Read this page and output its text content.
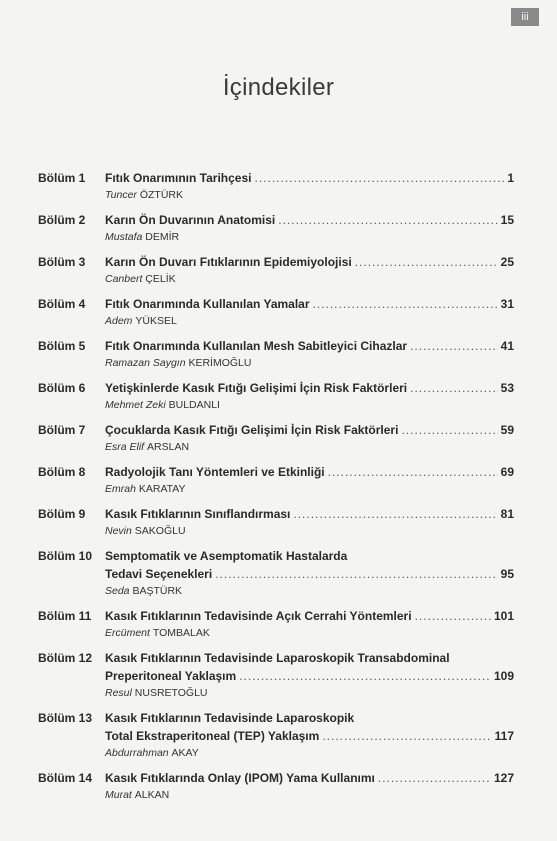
iii
İçindekiler
Bölüm 1	Fıtık Onarımının Tarihçesi .....	1
Tuncer ÖZTÜRK
Bölüm 2	Karın Ön Duvarının Anatomisi .....	15
Mustafa DEMİR
Bölüm 3	Karın Ön Duvarı Fıtıklarının Epidemiyolojisi .....	25
Canbert ÇELİK
Bölüm 4	Fıtık Onarımında Kullanılan Yamalar .....	31
Adem YÜKSEL
Bölüm 5	Fıtık Onarımında Kullanılan Mesh Sabitleyici Cihazlar .....	41
Ramazan Saygın KERİMOĞLU
Bölüm 6	Yetişkinlerde Kasık Fıtığı Gelişimi İçin Risk Faktörleri .....	53
Mehmet Zeki BULDANLI
Bölüm 7	Çocuklarda Kasık Fıtığı Gelişimi İçin Risk Faktörleri .....	59
Esra Elif ARSLAN
Bölüm 8	Radyolojik Tanı Yöntemleri ve Etkinliği .....	69
Emrah KARATAY
Bölüm 9	Kasık Fıtıklarının Sınıflandırması .....	81
Nevin SAKOĞLU
Bölüm 10	Semptomatik ve Asemptomatik Hastalarda
Tedavi Seçenekleri .....	95
Seda BAŞTÜRK
Bölüm 11	Kasık Fıtıklarının Tedavisinde Açık Cerrahi Yöntemleri .....	101
Ercüment TOMBALAK
Bölüm 12	Kasık Fıtıklarının Tedavisinde Laparoskopik Transabdominal
Preperitoneal Yaklaşım .....	109
Resul NUSRETOĞLU
Bölüm 13	Kasık Fıtıklarının Tedavisinde Laparoskopik
Total Ekstraperitoneal (TEP) Yaklaşım .....	117
Abdurrahman AKAY
Bölüm 14	Kasık Fıtıklarında Onlay (IPOM) Yama Kullanımı .....	127
Murat ALKAN
